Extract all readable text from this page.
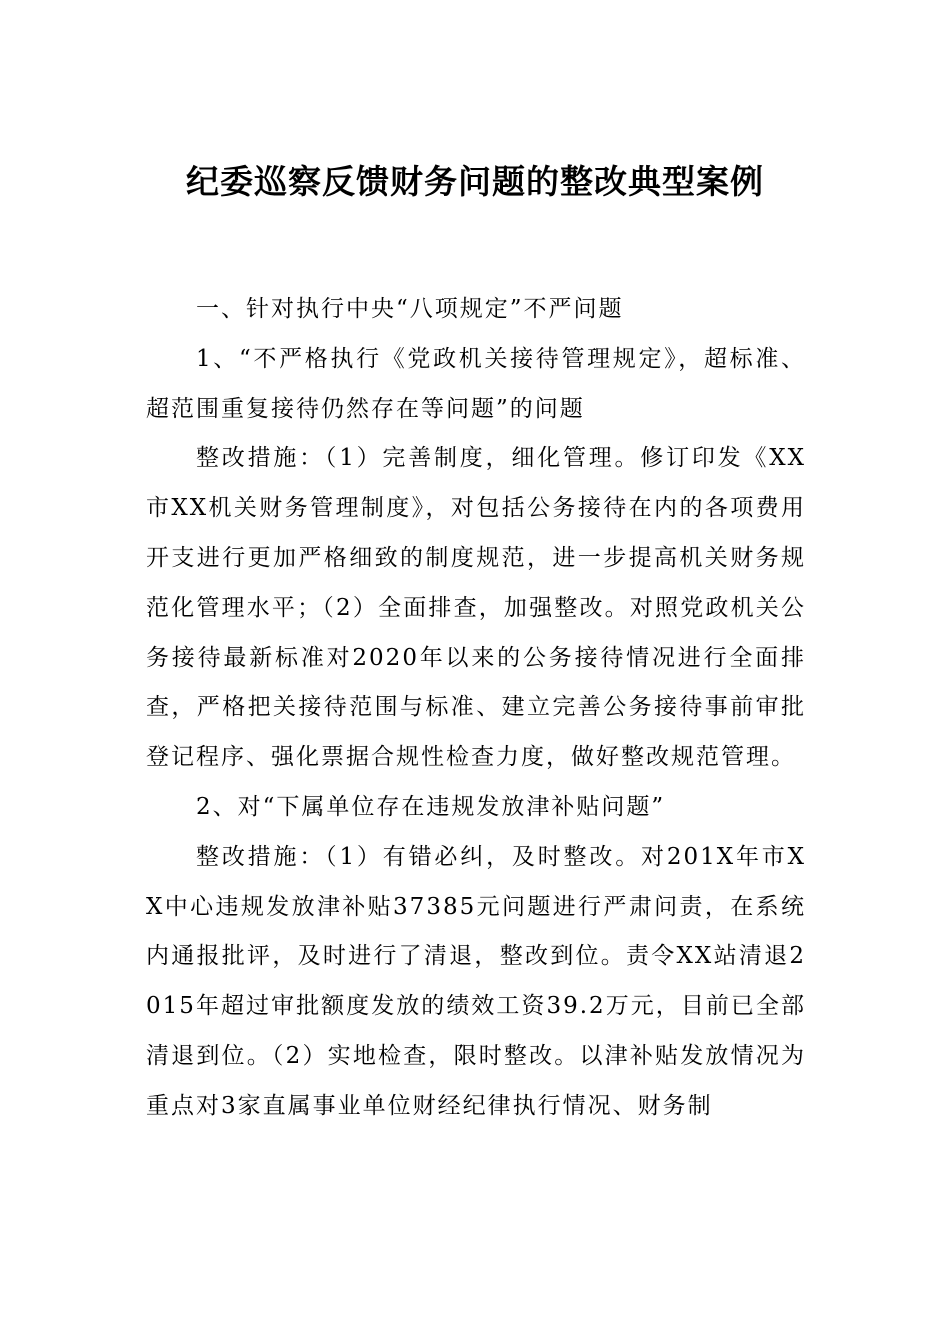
纪委巡察反馈财务问题的整改典型案例

一、针对执行中央“八项规定”不严问题

1、“不严格执行《党政机关接待管理规定》，超标准、超范围重复接待仍然存在等问题”的问题

整改措施：（1）完善制度，细化管理。修订印发《XX市XX机关财务管理制度》，对包括公务接待在内的各项费用开支进行更加严格细致的制度规范，进一步提高机关财务规范化管理水平；（2）全面排查，加强整改。对照党政机关公务接待最新标准对2020年以来的公务接待情况进行全面排查，严格把关接待范围与标准、建立完善公务接待事前审批登记程序、强化票据合规性检查力度，做好整改规范管理。

2、对“下属单位存在违规发放津补贴问题”

整改措施：（1）有错必纠，及时整改。对201X年市XX中心违规发放津补贴37385元问题进行严肃问责，在系统内通报批评，及时进行了清退，整改到位。责令XX站清退2015年超过审批额度发放的绩效工资39.2万元，目前已全部清退到位。（2）实地检查，限时整改。以津补贴发放情况为重点对3家直属事业单位财经纪律执行情况、财务制
